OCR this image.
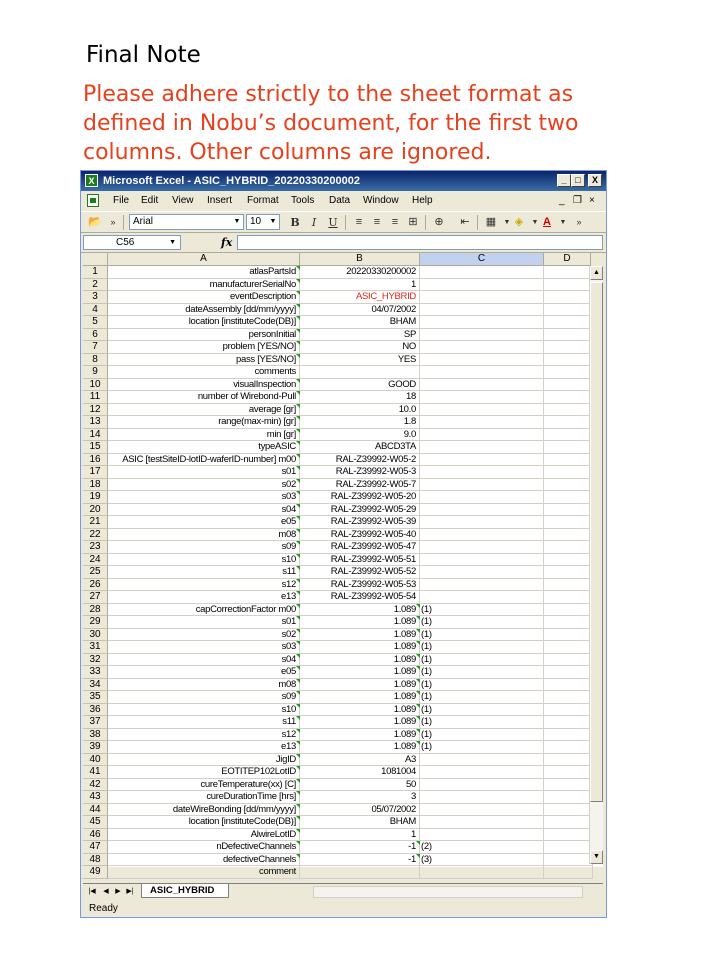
Final Note
Please adhere strictly to the sheet format as
defined in Nobu’s document, for the first two
columns. Other columns are ignored.
X Microsoft Excel - ASIC_HYBRID_20220330200002	_ □	X
File Edit View Insert Format Tools Data Window Help	_ ❐ ×
📂 »	Arial	▼ 10 ▼	B	I	U	≡	≡	≡ ⊞	⊕	⇤	▦	▼ ◈	▼ A	▼	»
C56	▼	fx
A	B	C	D
1	atlasPartsId	20220330200002
2	manufacturerSerialNo	1
3	eventDescription	ASIC_HYBRID
4	dateAssembly [dd/mm/yyyy]	04/07/2002
5	location [instituteCode(DB)]	BHAM
6	personInitial	SP
7	problem [YES/NO]	NO
8	pass [YES/NO]	YES
9	comments
10	visualInspection	GOOD
11	number of Wirebond-Pull	18
12	average [gr]	10.0
13	range(max-min) [gr]	1.8
14	min [gr]	9.0
15	typeASIC	ABCD3TA
16	ASIC [testSiteID-lotID-waferID-number] m00	RAL-Z39992-W05-2
17	s01	RAL-Z39992-W05-3
18	s02	RAL-Z39992-W05-7
19	s03	RAL-Z39992-W05-20
20	s04	RAL-Z39992-W05-29
21	e05	RAL-Z39992-W05-39
22	m08	RAL-Z39992-W05-40
23	s09	RAL-Z39992-W05-47
24	s10	RAL-Z39992-W05-51
25	s11	RAL-Z39992-W05-52
26	s12	RAL-Z39992-W05-53
27	e13	RAL-Z39992-W05-54
28	capCorrectionFactor m00	1.089 (1)
29	s01	1.089 (1)
30	s02	1.089 (1)
31	s03	1.089 (1)
32	s04	1.089 (1)
33	e05	1.089 (1)
34	m08	1.089 (1)
35	s09	1.089 (1)
36	s10	1.089 (1)
37	s11	1.089 (1)
38	s12	1.089 (1)
39	e13	1.089 (1)
40	JigID	A3
41	EOTITEP102LotID	1081004
42	cureTemperature(xx) [C]	50
43	cureDurationTime [hrs]	3
44	dateWireBonding [dd/mm/yyyy]	05/07/2002
45	location [instituteCode(DB)]	BHAM
46	AlwireLotID	1
47	nDefectiveChannels	-1 (2)
48	defectiveChannels	-1 (3)
49	comment
▲
▼
|◀	◀ ▶ ▶|	ASIC_HYBRID
Ready
